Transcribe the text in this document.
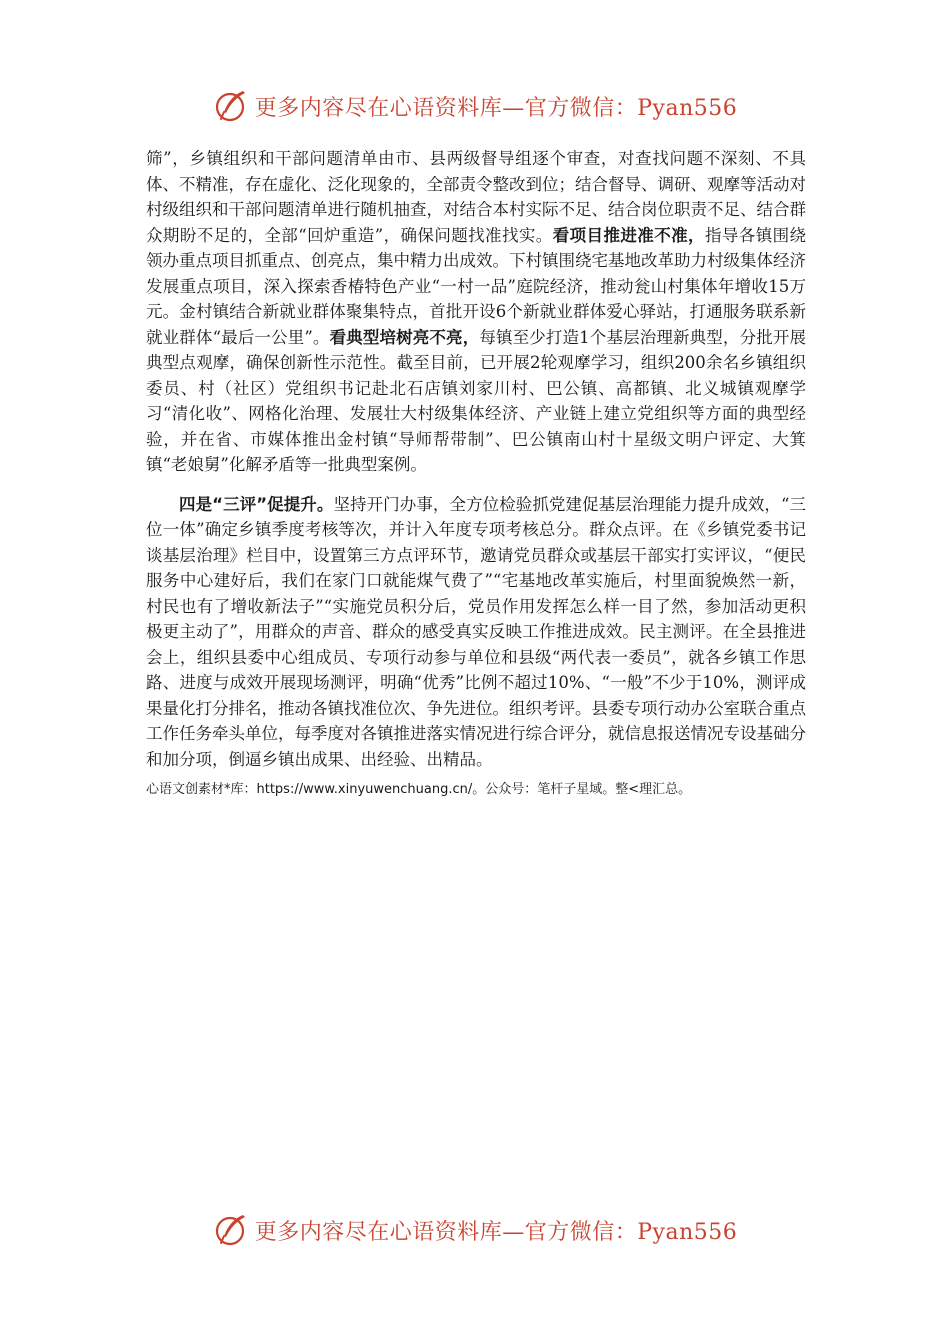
更多内容尽在心语资料库—官方微信：Pyan556

筛”，乡镇组织和干部问题清单由市、县两级督导组逐个审查，对查找问题不深刻、不具体、不精准，存在虚化、泛化现象的，全部责令整改到位；结合督导、调研、观摩等活动对村级组织和干部问题清单进行随机抽查，对结合本村实际不足、结合岗位职责不足、结合群众期盼不足的，全部“回炉重造”，确保问题找准找实。看项目推进准不准，指导各镇围绕领办重点项目抓重点、创亮点，集中精力出成效。下村镇围绕宅基地改革助力村级集体经济发展重点项目，深入探索香椿特色产业“一村一品”庭院经济，推动瓮山村集体年增收15万元。金村镇结合新就业群体聚集特点，首批开设6个新就业群体爱心驿站，打通服务联系新就业群体“最后一公里”。看典型培树亮不亮，每镇至少打造1个基层治理新典型，分批开展典型点观摩，确保创新性示范性。截至目前，已开展2轮观摩学习，组织200余名乡镇组织委员、村（社区）党组织书记赴北石店镇刘家川村、巴公镇、高都镇、北义城镇观摩学习“清化收”、网格化治理、发展壮大村级集体经济、产业链上建立党组织等方面的典型经验，并在省、市媒体推出金村镇“导师帮带制”、巴公镇南山村十星级文明户评定、大箕镇“老娘舅”化解矛盾等一批典型案例。

四是“三评”促提升。坚持开门办事，全方位检验抓党建促基层治理能力提升成效，“三位一体”确定乡镇季度考核等次，并计入年度专项考核总分。群众点评。在《乡镇党委书记谈基层治理》栏目中，设置第三方点评环节，邀请党员群众或基层干部实打实评议，“便民服务中心建好后，我们在家门口就能煤气费了”“宅基地改革实施后，村里面貌焕然一新，村民也有了增收新法子”“实施党员积分后，党员作用发挥怎么样一目了然，参加活动更积极更主动了”，用群众的声音、群众的感受真实反映工作推进成效。民主测评。在全县推进会上，组织县委中心组成员、专项行动参与单位和县级“两代表一委员”，就各乡镇工作思路、进度与成效开展现场测评，明确“优秀”比例不超过10%、“一般”不少于10%，测评成果量化打分排名，推动各镇找准位次、争先进位。组织考评。县委专项行动办公室联合重点工作任务牵头单位，每季度对各镇推进落实情况进行综合评分，就信息报送情况专设基础分和加分项，倒逼乡镇出成果、出经验、出精品。

心语文创素材*库：https://www.xinyuwenchuang.cn/。公众号：笔杆子星域。整<理汇总。
更多内容尽在心语资料库—官方微信：Pyan556
